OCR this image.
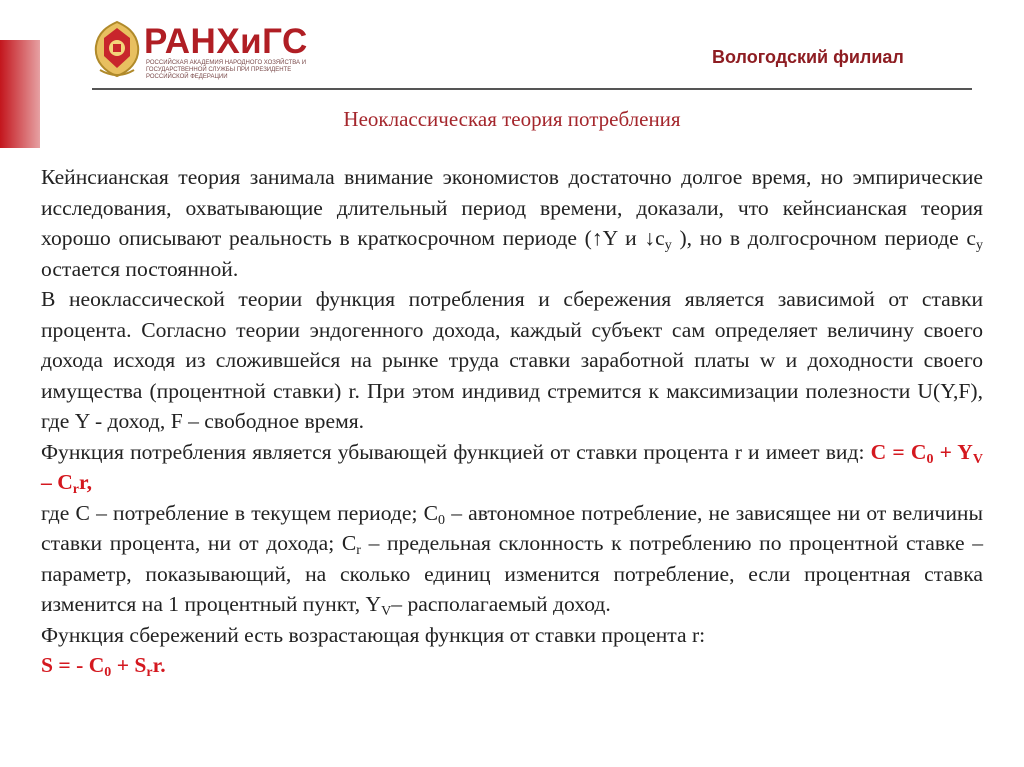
РАНХиГС
РОССИЙСКАЯ АКАДЕМИЯ НАРОДНОГО ХОЗЯЙСТВА И ГОСУДАРСТВЕННОЙ СЛУЖБЫ ПРИ ПРЕЗИДЕНТЕ РОССИЙСКОЙ ФЕДЕРАЦИИ
Вологодский филиал
Неоклассическая теория потребления

Кейнсианская теория занимала внимание экономистов достаточно долгое время, но эмпирические исследования, охватывающие длительный период времени, доказали, что кейнсианская теория хорошо описывают реальность в краткосрочном периоде (↑Y и $↓c_y$ ), но в долгосрочном периоде $c_y$ остается постоянной.

В неоклассической теории функция потребления и сбережения является зависимой от ставки процента. Согласно теории эндогенного дохода, каждый субъект сам определяет величину своего дохода исходя из сложившейся на рынке труда ставки заработной платы w и доходности своего имущества (процентной ставки) r. При этом индивид стремится к максимизации полезности U(Y,F), где Y - доход, F – свободное время.

Функция потребления является убывающей функцией от ставки процента r и имеет вид: $C = C_0 + Y_V - C_rr$,

где C – потребление в текущем периоде; $C_0$ – автономное потребление, не зависящее ни от величины ставки процента, ни от дохода; $C_r$ – предельная склонность к потреблению по процентной ставке – параметр, показывающий, на сколько единиц изменится потребление, если процентная ставка изменится на 1 процентный пункт, $Y_V-$ располагаемый доход.

Функция сбережений есть возрастающая функция от ставки процента r:

S = - $C_0 + S_rr$.
